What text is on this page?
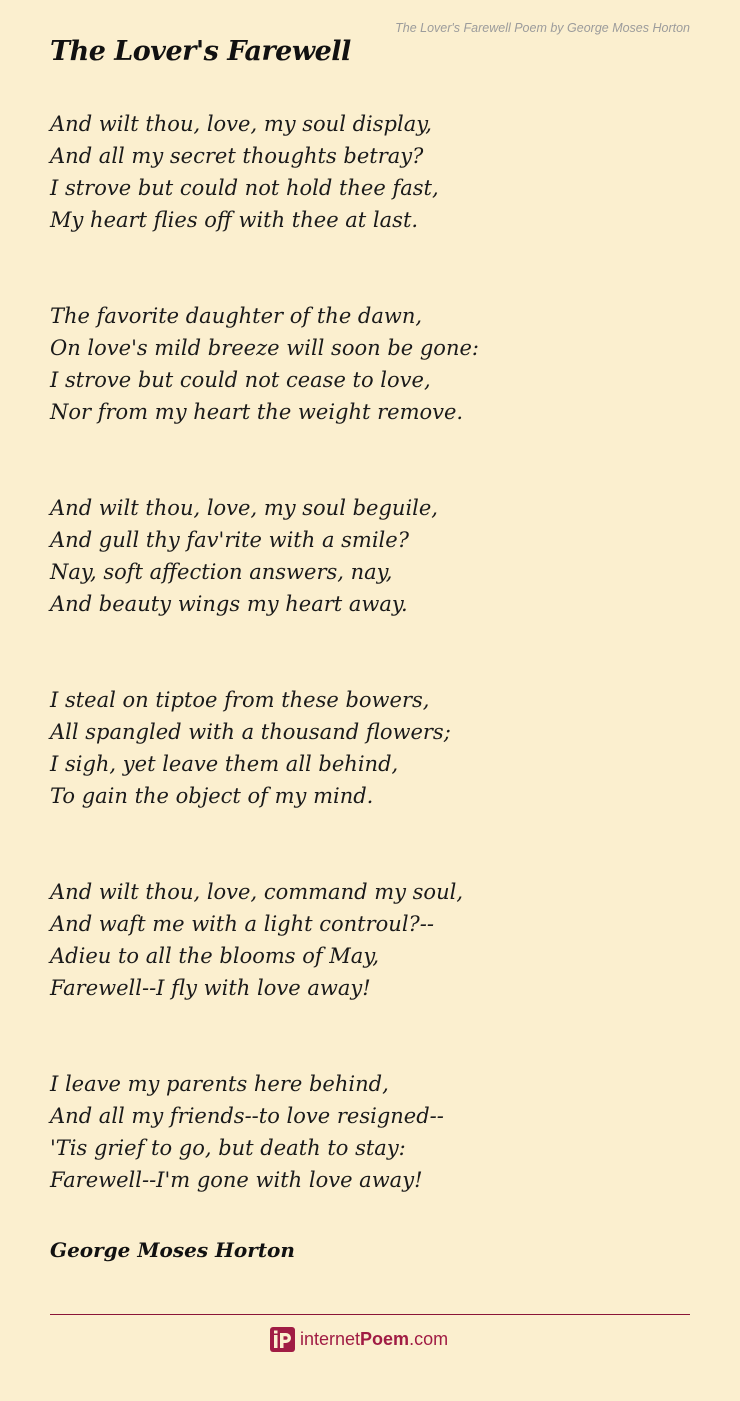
The Lover's Farewell Poem by George Moses Horton
The Lover's Farewell
And wilt thou, love, my soul display,
And all my secret thoughts betray?
I strove but could not hold thee fast,
My heart flies off with thee at last.
The favorite daughter of the dawn,
On love's mild breeze will soon be gone:
I strove but could not cease to love,
Nor from my heart the weight remove.
And wilt thou, love, my soul beguile,
And gull thy fav'rite with a smile?
Nay, soft affection answers, nay,
And beauty wings my heart away.
I steal on tiptoe from these bowers,
All spangled with a thousand flowers;
I sigh, yet leave them all behind,
To gain the object of my mind.
And wilt thou, love, command my soul,
And waft me with a light controul?--
Adieu to all the blooms of May,
Farewell--I fly with love away!
I leave my parents here behind,
And all my friends--to love resigned--
'Tis grief to go, but death to stay:
Farewell--I'm gone with love away!
George Moses Horton
internetPoem.com
